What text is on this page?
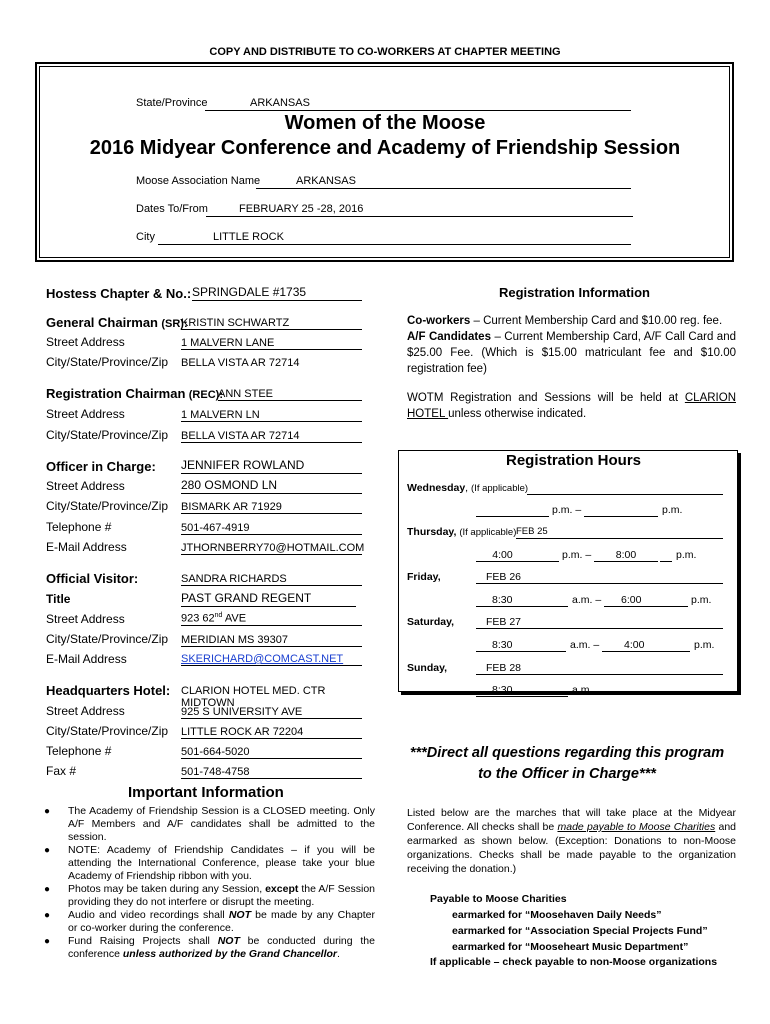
COPY AND DISTRIBUTE TO CO-WORKERS AT CHAPTER MEETING
State/Province	ARKANSAS
Women of the Moose
2016 Midyear Conference and Academy of Friendship Session
Moose Association Name	ARKANSAS
Dates To/From	FEBRUARY 25 -28, 2016
City	LITTLE ROCK
Hostess Chapter & No.: SPRINGDALE #1735
General Chairman (SR):
KRISTIN SCHWARTZ
Street Address	1 MALVERN LANE
City/State/Province/Zip BELLA VISTA AR 72714
Registration Chairman (REC):
ANN STEE
Street Address	1 MALVERN LN
City/State/Province/Zip BELLA VISTA AR 72714
Officer in Charge: JENNIFER ROWLAND
Street Address	280 OSMOND LN
City/State/Province/Zip BISMARK AR 71929
Telephone #	501-467-4919
E-Mail Address	JTHORNBERRY70@HOTMAIL.COM
Official Visitor:	SANDRA RICHARDS
Title	PAST GRAND REGENT
Street Address	923 62nd AVE
City/State/Province/Zip MERIDIAN MS 39307
E-Mail Address	SKERICHARD@COMCAST.NET
Headquarters Hotel: CLARION HOTEL MED. CTR MIDTOWN
Street Address	925 S UNIVERSITY AVE
City/State/Province/Zip LITTLE ROCK AR 72204
Telephone #	501-664-5020
Fax #	501-748-4758
Important Information
● The Academy of Friendship Session is a CLOSED meeting. Only A/F Members and A/F candidates shall be admitted to the session.
● NOTE: Academy of Friendship Candidates – if you will be attending the International Conference, please take your blue Academy of Friendship ribbon with you.
● Photos may be taken during any Session, except the A/F Session providing they do not interfere or disrupt the meeting.
● Audio and video recordings shall NOT be made by any Chapter or co-worker during the conference.
● Fund Raising Projects shall NOT be conducted during the conference unless authorized by the Grand Chancellor.
Registration Information
Co-workers – Current Membership Card and $10.00 reg. fee.
A/F Candidates – Current Membership Card, A/F Call Card and $25.00 Fee. (Which is $15.00 matriculant fee and $10.00 registration fee)
WOTM Registration and Sessions will be held at CLARION HOTEL unless otherwise indicated.
Registration Hours
Wednesday, (If applicable)
p.m. –	p.m.
Thursday, (If applicable) FEB 25
4:00	p.m. –	8:00	p.m.
Friday,	FEB 26
8:30	a.m. –	6:00	p.m.
Saturday,	FEB 27
8:30	a.m. –	4:00	p.m.
Sunday,	FEB 28
8;30	a.m.
***Direct all questions regarding this program
to the Officer in Charge***
Listed below are the marches that will take place at the Midyear Conference. All checks shall be made payable to Moose Charities and earmarked as shown below. (Exception: Donations to non-Moose organizations. Checks shall be made payable to the organization receiving the donation.)
Payable to Moose Charities
earmarked for “Moosehaven Daily Needs”
earmarked for “Association Special Projects Fund”
earmarked for “Mooseheart Music Department”
If applicable – check payable to non-Moose organizations
